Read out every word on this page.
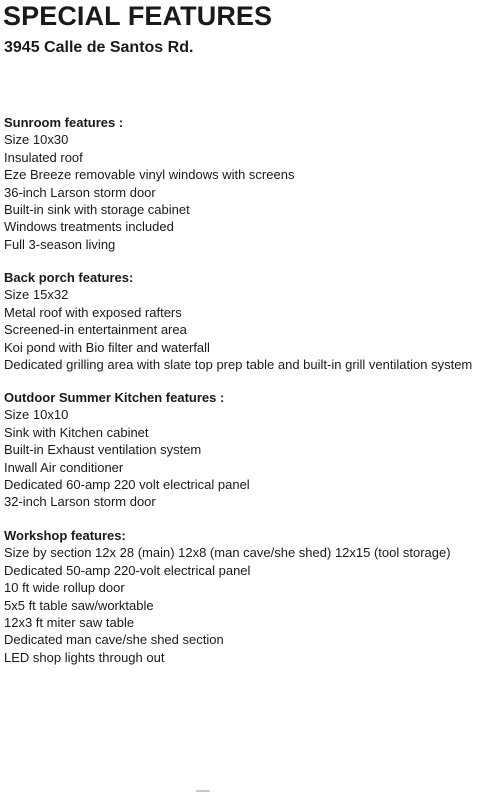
SPECIAL FEATURES
3945 Calle de Santos Rd.

Sunroom features :

Size 10x30

Insulated roof

Eze Breeze removable vinyl windows with screens

36-inch Larson storm door

Built-in sink with storage cabinet

Windows treatments included

Full 3-season living

Back porch features:

Size 15x32

Metal roof with exposed rafters

Screened-in entertainment area

Koi pond with Bio filter and waterfall

Dedicated grilling area with slate top prep table and built-in grill ventilation system

Outdoor Summer Kitchen features :

Size 10x10

Sink with Kitchen cabinet

Built-in Exhaust ventilation system

Inwall Air conditioner

Dedicated 60-amp 220 volt electrical panel

32-inch Larson storm door

Workshop features:

Size by section 12x 28 (main) 12x8 (man cave/she shed) 12x15 (tool storage)

Dedicated 50-amp 220-volt electrical panel

10 ft wide rollup door

5x5 ft table saw/worktable

12x3 ft miter saw table

Dedicated man cave/she shed section

LED shop lights through out
